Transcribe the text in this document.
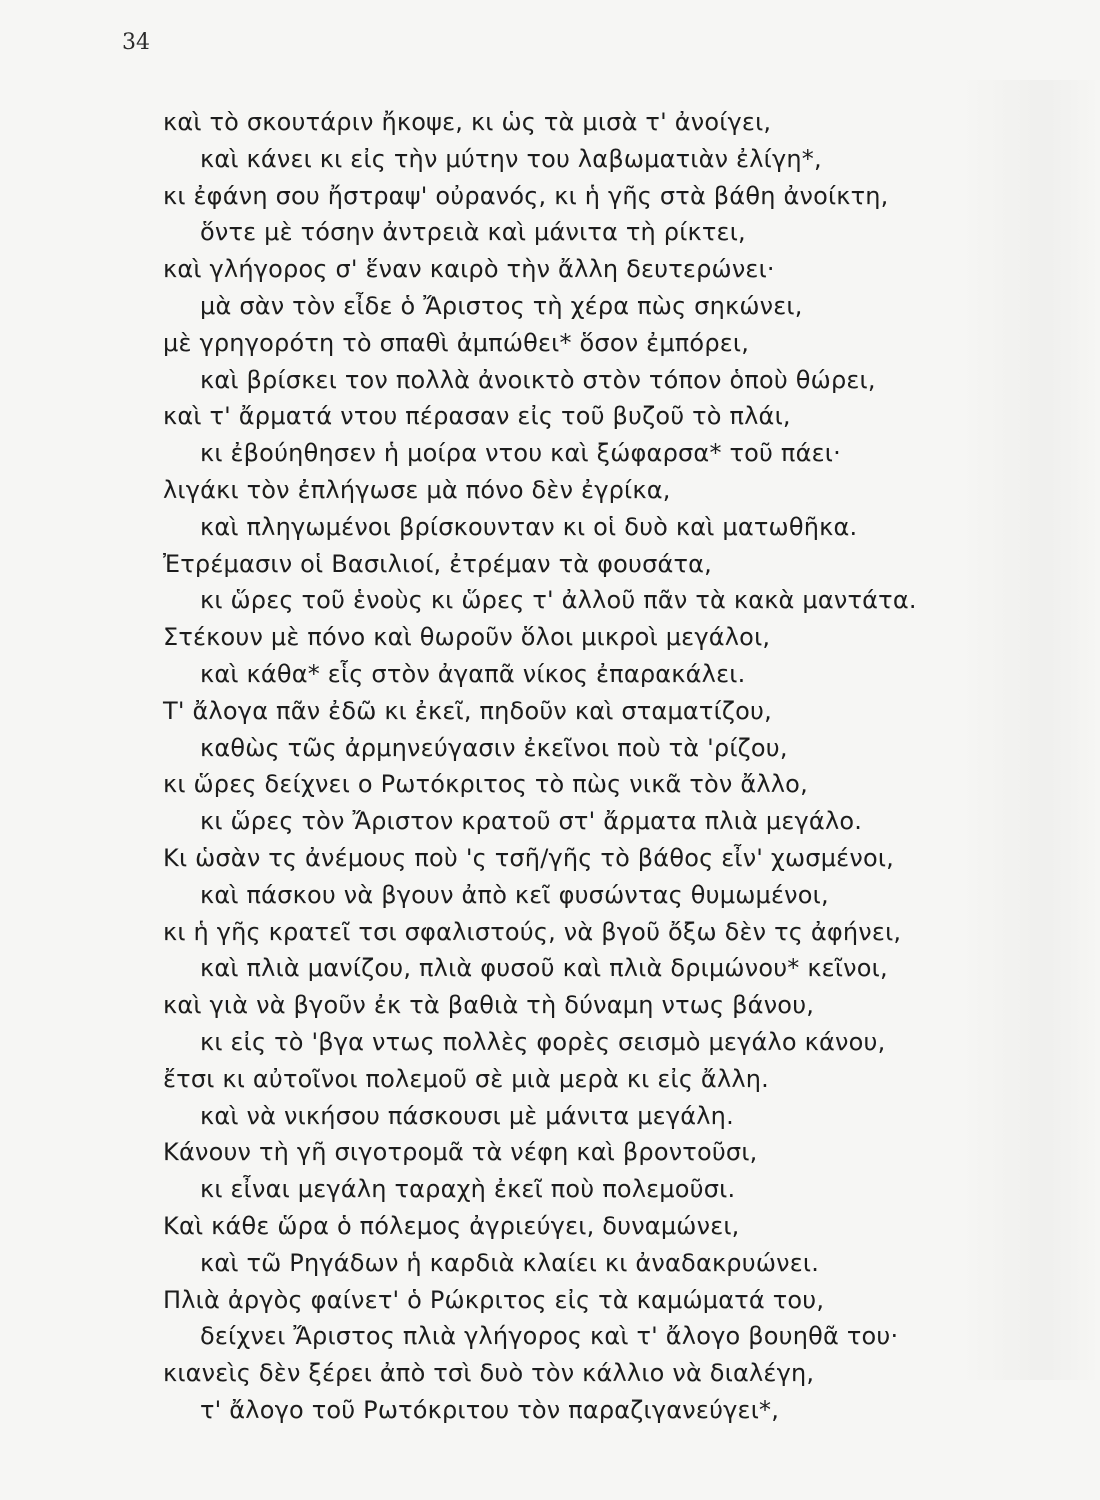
34
καὶ τὸ σκουτάριν ἤκοψε, κι ὡς τὰ μισὰ τ' ἀνοίγει,
καὶ κάνει κι εἰς τὴν μύτην του λαβωματιὰν ἐλίγη*,
κι ἐφάνη σου ἤστραψ' οὐρανός, κι ἡ γῆς στὰ βάθη ἀνοίκτη,
ὅντε μὲ τόσην ἀντρειὰ καὶ μάνιτα τὴ ρίκτει,
καὶ γλήγορος σ' ἕναν καιρὸ τὴν ἄλλη δευτερώνει·
μὰ σὰν τὸν εἶδε ὁ Ἄριστος τὴ χέρα πὼς σηκώνει,
μὲ γρηγορότη τὸ σπαθὶ ἀμπώθει* ὅσον ἐμπόρει,
καὶ βρίσκει τον πολλὰ ἀνοικτὸ στὸν τόπον ὁποὺ θώρει,
καὶ τ' ἄρματά ντου πέρασαν εἰς τοῦ βυζοῦ τὸ πλάι,
κι ἐβούηθησεν ἡ μοίρα ντου καὶ ξώφαρσα* τοῦ πάει·
λιγάκι τὸν ἐπλήγωσε μὰ πόνο δὲν ἐγρίκα,
καὶ πληγωμένοι βρίσκουνταν κι οἱ δυὸ καὶ ματωθῆκα.
Ἐτρέμασιν οἱ Βασιλιοί, ἐτρέμαν τὰ φουσάτα,
κι ὥρες τοῦ ἑνοὺς κι ὥρες τ' ἀλλοῦ πᾶν τὰ κακὰ μαντάτα.
Στέκουν μὲ πόνο καὶ θωροῦν ὅλοι μικροὶ μεγάλοι,
καὶ κάθα* εἷς στὸν ἀγαπᾶ νίκος ἐπαρακάλει.
Τ' ἄλογα πᾶν ἐδῶ κι ἐκεῖ, πηδοῦν καὶ σταματίζου,
καθὼς τῶς ἀρμηνεύγασιν ἐκεῖνοι ποὺ τὰ 'ρίζου,
κι ὥρες δείχνει ο Ρωτόκριτος τὸ πὼς νικᾶ τὸν ἄλλο,
κι ὥρες τὸν Ἄριστον κρατοῦ στ' ἄρματα πλιὰ μεγάλο.
Κι ὡσὰν τς ἀνέμους ποὺ 'ς τσῆ/γῆς τὸ βάθος εἶν' χωσμένοι,
καὶ πάσκου νὰ βγουν ἀπὸ κεῖ φυσώντας θυμωμένοι,
κι ἡ γῆς κρατεῖ τσι σφαλιστούς, νὰ βγοῦ ὄξω δὲν τς ἀφήνει,
καὶ πλιὰ μανίζου, πλιὰ φυσοῦ καὶ πλιὰ δριμώνου* κεῖνοι,
καὶ γιὰ νὰ βγοῦν ἐκ τὰ βαθιὰ τὴ δύναμη ντως βάνου,
κι εἰς τὸ 'βγα ντως πολλὲς φορὲς σεισμὸ μεγάλο κάνου,
ἔτσι κι αὐτοῖνοι πολεμοῦ σὲ μιὰ μερὰ κι εἰς ἄλλη.
καὶ νὰ νικήσου πάσκουσι μὲ μάνιτα μεγάλη.
Κάνουν τὴ γῆ σιγοτρομᾶ τὰ νέφη καὶ βροντοῦσι,
κι εἶναι μεγάλη ταραχὴ ἐκεῖ ποὺ πολεμοῦσι.
Καὶ κάθε ὥρα ὁ πόλεμος ἀγριεύγει, δυναμώνει,
καὶ τῶ Ρηγάδων ἡ καρδιὰ κλαίει κι ἀναδακρυώνει.
Πλιὰ ἀργὸς φαίνετ' ὁ Ρώκριτος εἰς τὰ καμώματά του,
δείχνει Ἄριστος πλιὰ γλήγορος καὶ τ' ἄλογο βουηθᾶ του·
κιανεὶς δὲν ξέρει ἀπὸ τσὶ δυὸ τὸν κάλλιο νὰ διαλέγη,
τ' ἄλογο τοῦ Ρωτόκριτου τὸν παραζιγανεύγει*,
